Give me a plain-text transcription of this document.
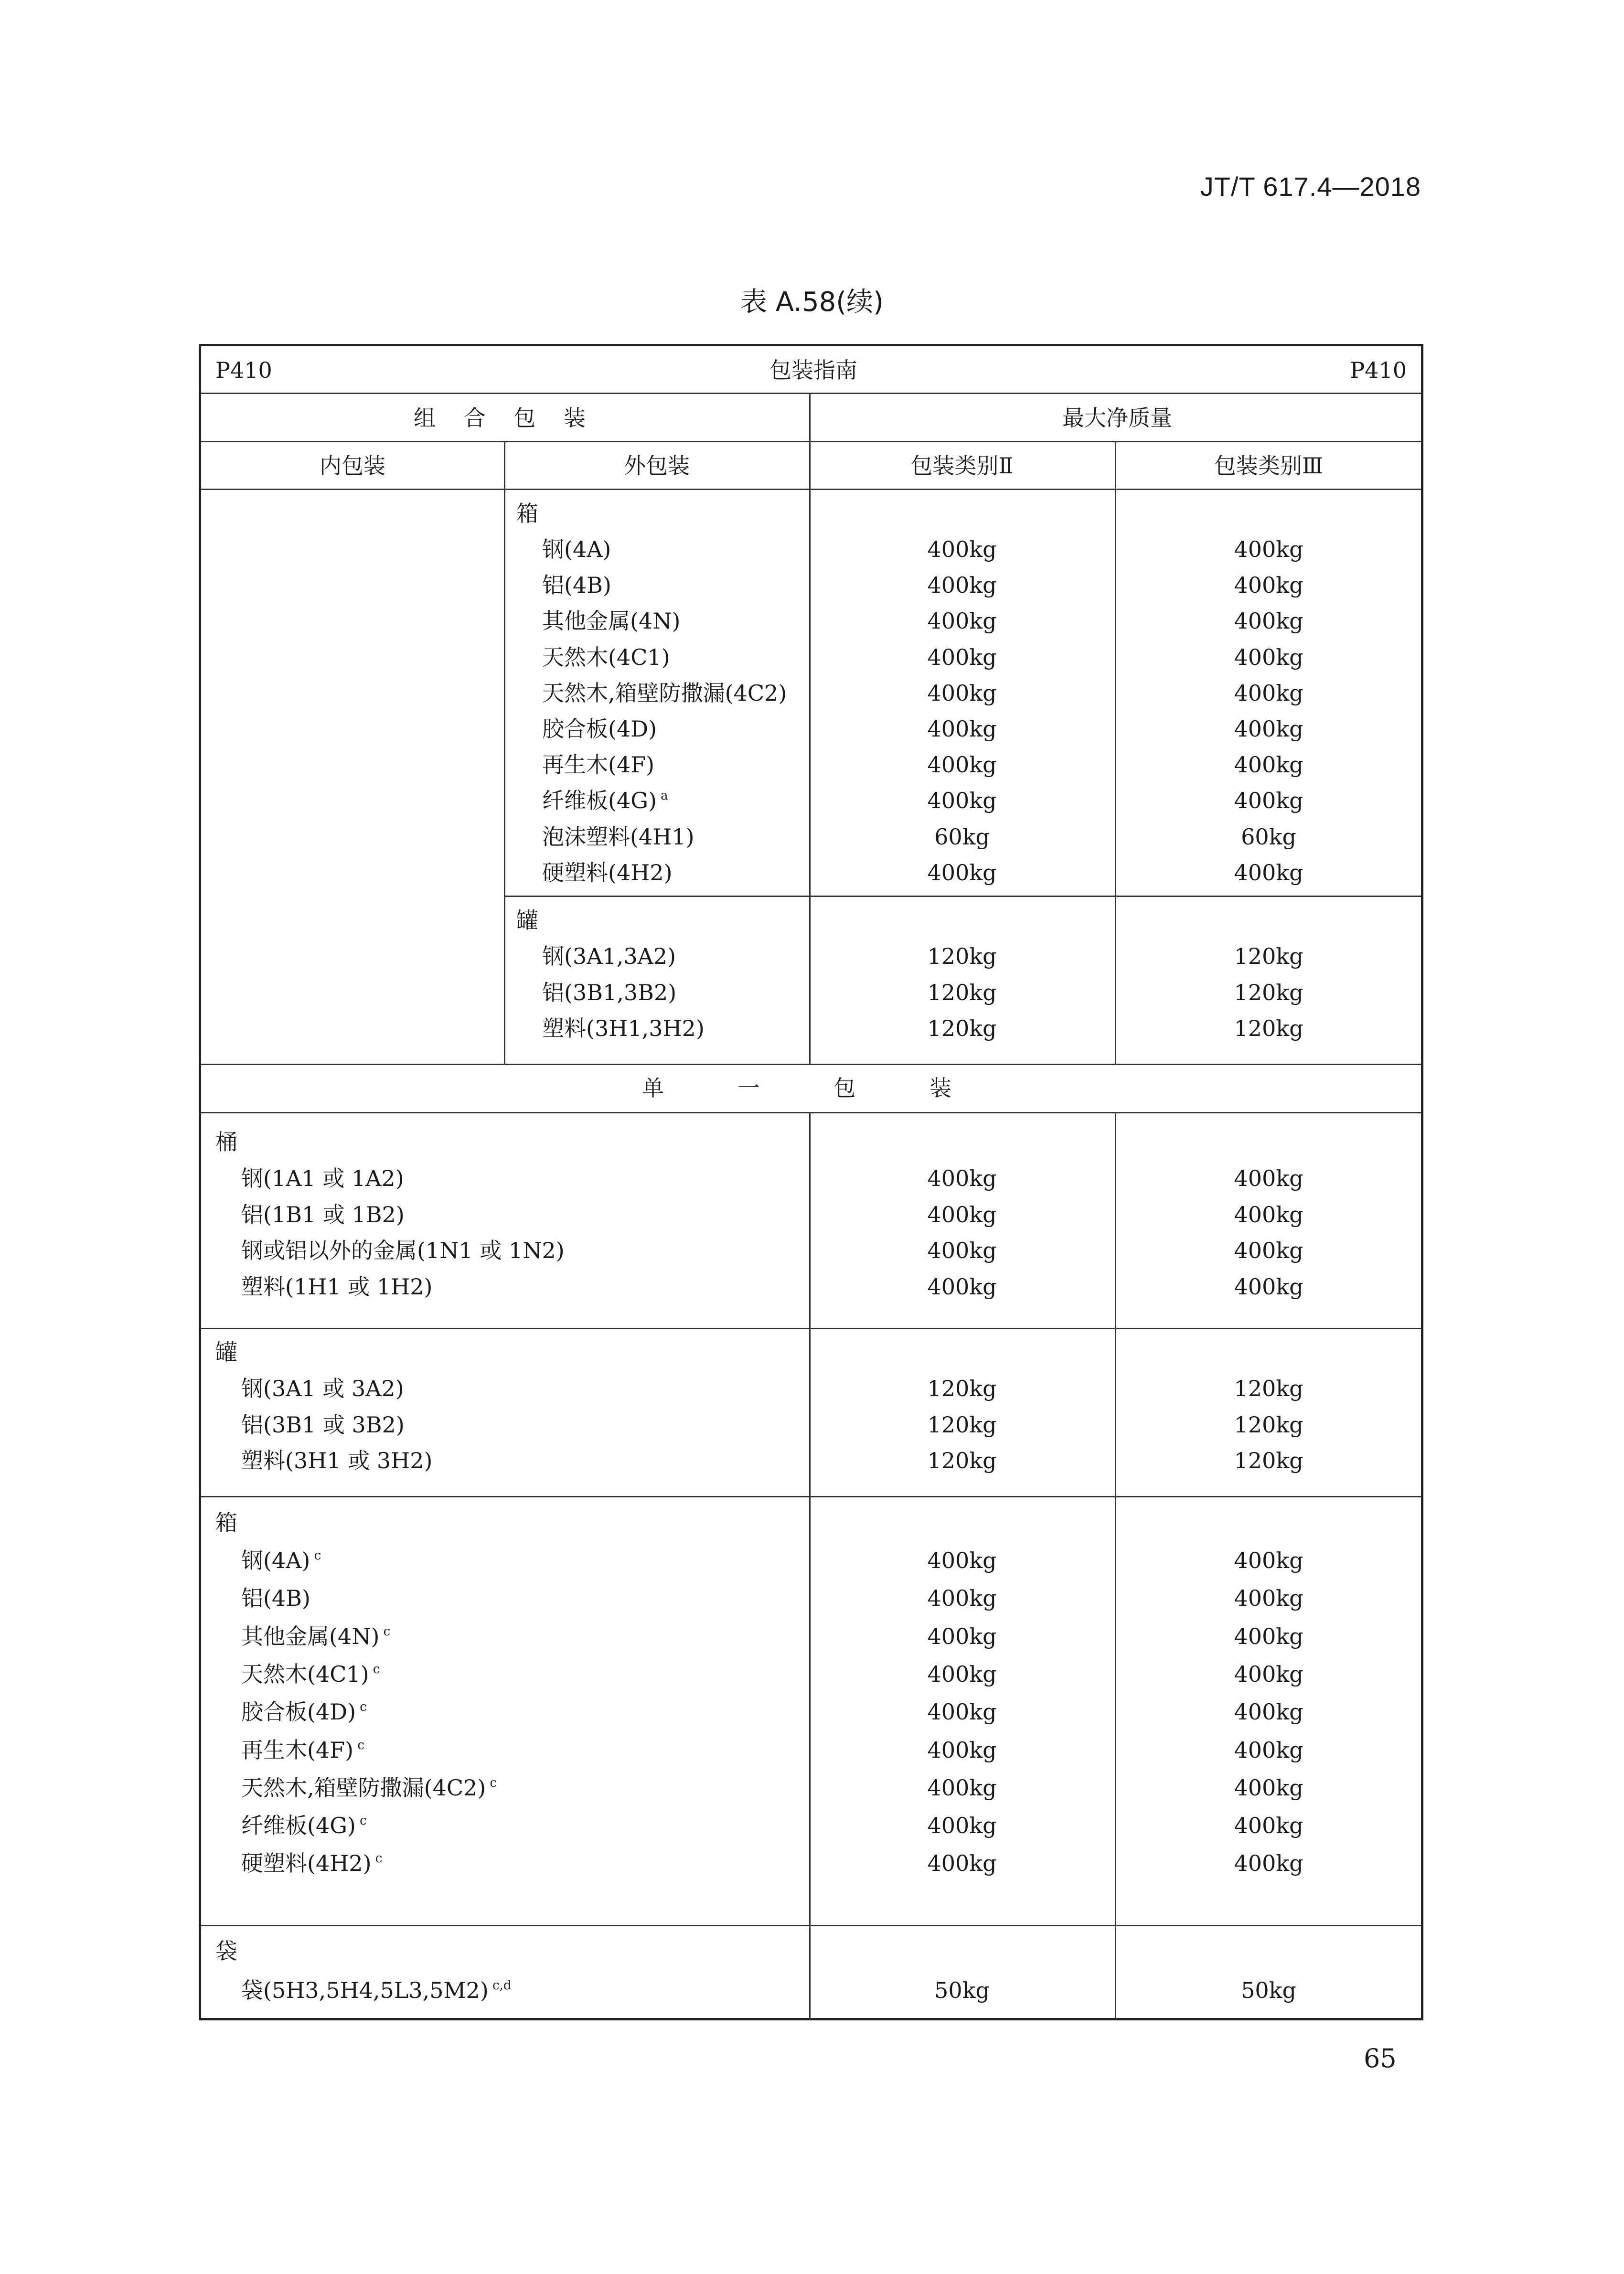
JT/T 617.4—2018
表 A.58(续)
P410	包装指南	P410
组 合 包 装	最大净质量
内包装	外包装	包装类别Ⅱ	包装类别Ⅲ
箱
钢(4A)	400kg	400kg
铝(4B)	400kg	400kg
其他金属(4N)	400kg	400kg
天然木(4C1)	400kg	400kg
天然木,箱壁防撒漏(4C2)	400kg	400kg
胶合板(4D)	400kg	400kg
再生木(4F)	400kg	400kg
纤维板(4G) $^a$	400kg	400kg
泡沫塑料(4H1)	60kg	60kg
硬塑料(4H2)	400kg	400kg
罐
钢(3A1,3A2)	120kg	120kg
铝(3B1,3B2)	120kg	120kg
塑料(3H1,3H2)	120kg	120kg
单 一 包 装
桶
钢(1A1 或 1A2)	400kg	400kg
铝(1B1 或 1B2)	400kg	400kg
钢或铝以外的金属(1N1 或 1N2)	400kg	400kg
塑料(1H1 或 1H2)	400kg	400kg
罐
钢(3A1 或 3A2)	120kg	120kg
铝(3B1 或 3B2)	120kg	120kg
塑料(3H1 或 3H2)	120kg	120kg
箱
钢(4A) $^c$	400kg	400kg
铝(4B)	400kg	400kg
其他金属(4N) $^c$	400kg	400kg
天然木(4C1) $^c$	400kg	400kg
胶合板(4D) $^c$	400kg	400kg
再生木(4F) $^c$	400kg	400kg
天然木,箱壁防撒漏(4C2) $^c$	400kg	400kg
纤维板(4G) $^c$	400kg	400kg
硬塑料(4H2) $^c$	400kg	400kg
袋
袋(5H3,5H4,5L3,5M2) $^{c,d}$	50kg	50kg
65
